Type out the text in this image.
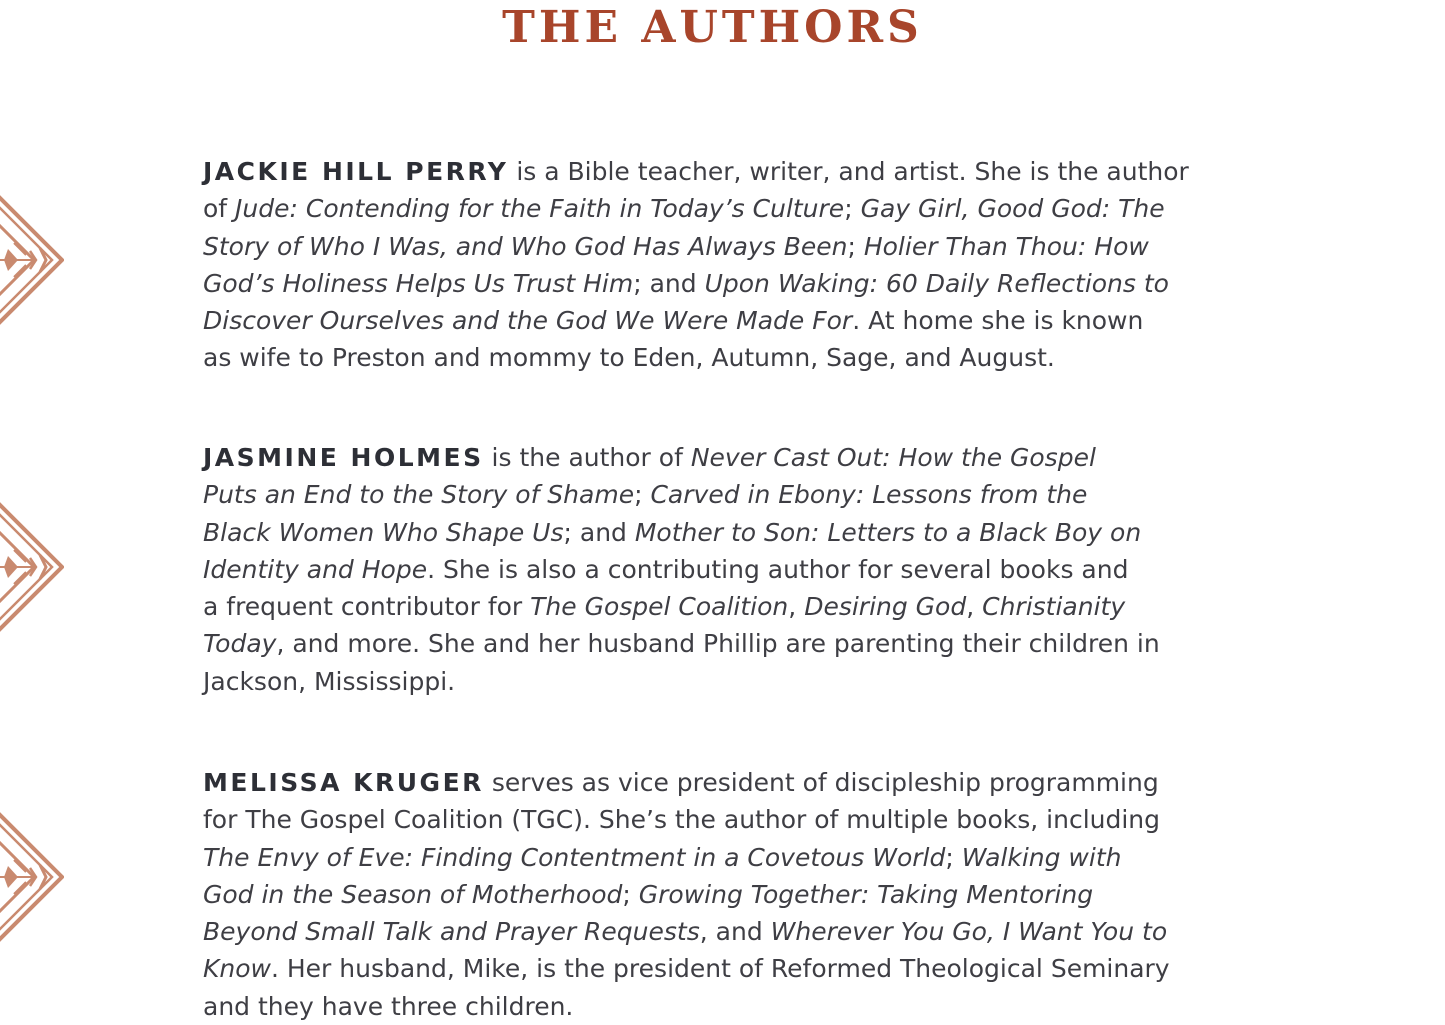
THE AUTHORS
JACKIE HILL PERRY is a Bible teacher, writer, and artist. She is the author
of Jude: Contending for the Faith in Today’s Culture; Gay Girl, Good God: The
Story of Who I Was, and Who God Has Always Been; Holier Than Thou: How
God’s Holiness Helps Us Trust Him; and Upon Waking: 60 Daily Reflections to
Discover Ourselves and the God We Were Made For. At home she is known
as wife to Preston and mommy to Eden, Autumn, Sage, and August.
JASMINE HOLMES is the author of Never Cast Out: How the Gospel
Puts an End to the Story of Shame; Carved in Ebony: Lessons from the
Black Women Who Shape Us; and Mother to Son: Letters to a Black Boy on
Identity and Hope. She is also a contributing author for several books and
a frequent contributor for The Gospel Coalition, Desiring God, Christianity
Today, and more. She and her husband Phillip are parenting their children in
Jackson, Mississippi.
MELISSA KRUGER serves as vice president of discipleship programming
for The Gospel Coalition (TGC). She’s the author of multiple books, including
The Envy of Eve: Finding Contentment in a Covetous World; Walking with
God in the Season of Motherhood; Growing Together: Taking Mentoring
Beyond Small Talk and Prayer Requests, and Wherever You Go, I Want You to
Know. Her husband, Mike, is the president of Reformed Theological Seminary
and they have three children.
